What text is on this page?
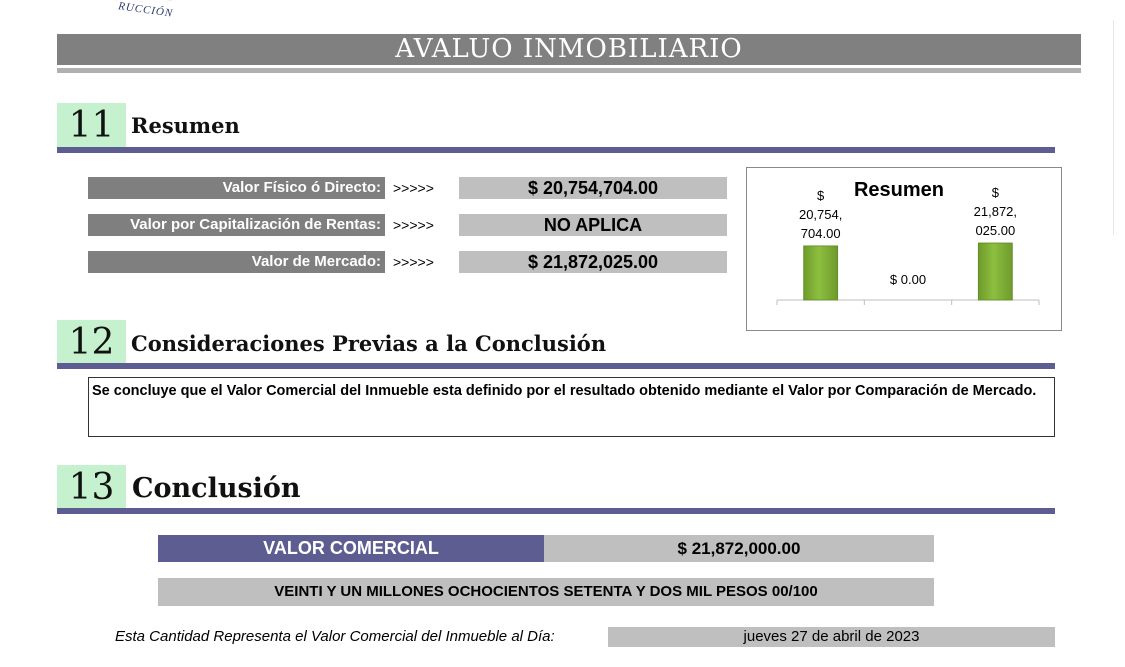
RUCCIÓN
AVALUO INMOBILIARIO
11 Resumen
Valor Físico ó Directo: >>>>>	$ 20,754,704.00
Valor por Capitalización de Rentas: >>>>>	NO APLICA
Valor de Mercado: >>>>>	$ 21,872,025.00
Resumen
$
20,754,
704.00
$ 0.00
$
21,872,
025.00
12 Consideraciones Previas a la Conclusión
Se concluye que el Valor Comercial del Inmueble esta definido por el resultado obtenido mediante el Valor por Comparación de Mercado.
13 Conclusión
VALOR COMERCIAL	$ 21,872,000.00
VEINTI Y UN MILLONES OCHOCIENTOS SETENTA Y DOS MIL PESOS 00/100
Esta Cantidad Representa el Valor Comercial del Inmueble al Día:	jueves 27 de abril de 2023
